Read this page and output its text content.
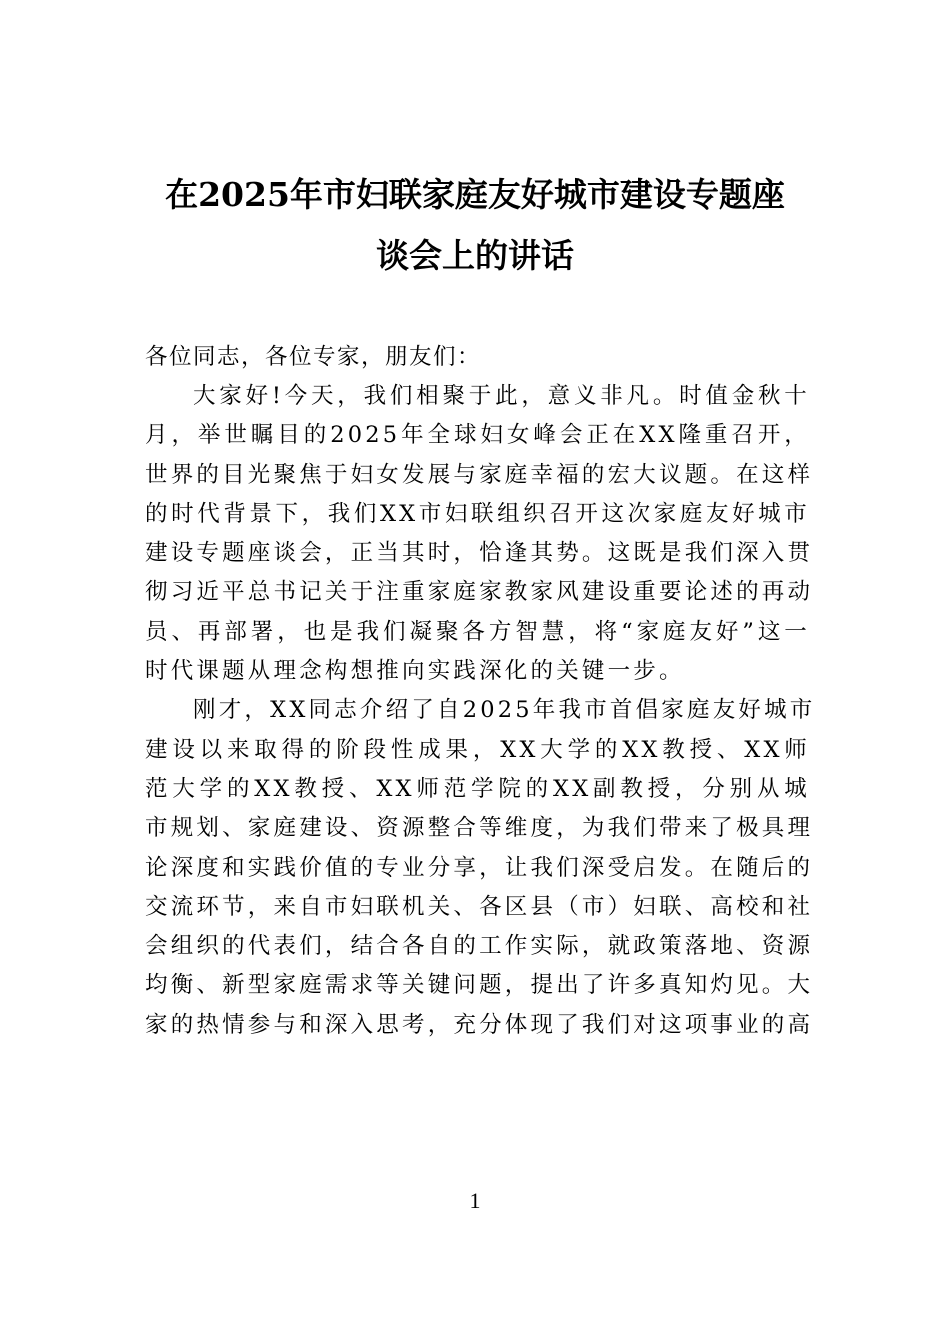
在2025年市妇联家庭友好城市建设专题座
谈会上的讲话

各位同志，各位专家，朋友们：

大家好!今天，我们相聚于此，意义非凡。时值金秋十
月，举世瞩目的2025年全球妇女峰会正在XX隆重召开，
世界的目光聚焦于妇女发展与家庭幸福的宏大议题。在这样
的时代背景下，我们XX市妇联组织召开这次家庭友好城市
建设专题座谈会，正当其时，恰逢其势。这既是我们深入贯
彻习近平总书记关于注重家庭家教家风建设重要论述的再动
员、再部署，也是我们凝聚各方智慧，将“家庭友好”这一
时代课题从理念构想推向实践深化的关键一步。
刚才，XX同志介绍了自2025年我市首倡家庭友好城市
建设以来取得的阶段性成果，XX大学的XX教授、XX师
范大学的XX教授、XX师范学院的XX副教授，分别从城
市规划、家庭建设、资源整合等维度，为我们带来了极具理
论深度和实践价值的专业分享，让我们深受启发。在随后的
交流环节，来自市妇联机关、各区县（市）妇联、高校和社
会组织的代表们，结合各自的工作实际，就政策落地、资源
均衡、新型家庭需求等关键问题，提出了许多真知灼见。大
家的热情参与和深入思考，充分体现了我们对这项事业的高
1
